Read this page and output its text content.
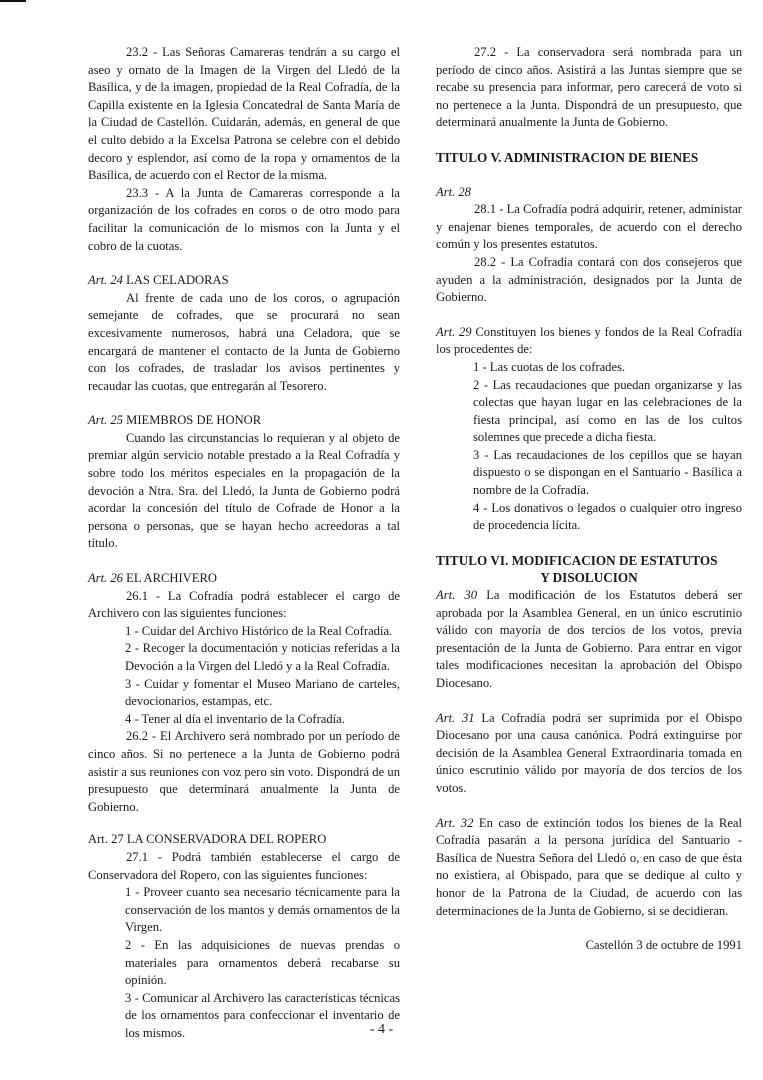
23.2 - Las Señoras Camareras tendrán a su cargo el aseo y ornato de la Imagen de la Virgen del Lledó de la Basílica, y de la imagen, propiedad de la Real Cofradía, de la Capilla existente en la Iglesia Concatedral de Santa María de la Ciudad de Castellón. Cuidarán, además, en general de que el culto debido a la Excelsa Patrona se celebre con el debido decoro y esplendor, así como de la ropa y ornamentos de la Basílica, de acuerdo con el Rector de la misma.

23.3 - A la Junta de Camareras corresponde a la organización de los cofrades en coros o de otro modo para facilitar la comunicación de lo mismos con la Junta y el cobro de la cuotas.

Art. 24 LAS CELADORAS

Al frente de cada uno de los coros, o agrupación semejante de cofrades, que se procurará no sean excesivamente numerosos, habrá una Celadora, que se encargará de mantener el contacto de la Junta de Gobierno con los cofrades, de trasladar los avisos pertinentes y recaudar las cuotas, que entregarán al Tesorero.

Art. 25 MIEMBROS DE HONOR

Cuando las circunstancias lo requieran y al objeto de premiar algún servicio notable prestado a la Real Cofradía y sobre todo los méritos especiales en la propagación de la devoción a Ntra. Sra. del Lledó, la Junta de Gobierno podrá acordar la concesión del título de Cofrade de Honor a la persona o personas, que se hayan hecho acreedoras a tal título.

Art. 26 EL ARCHIVERO

26.1 - La Cofradía podrá establecer el cargo de Archivero con las siguientes funciones:

1 - Cuidar del Archivo Histórico de la Real Cofradía.

2 - Recoger la documentación y noticias referidas a la Devoción a la Virgen del Lledó y a la Real Cofradía.

3 - Cuidar y fomentar el Museo Mariano de carteles, devocionarios, estampas, etc.

4 - Tener al día el inventario de la Cofradía.

26.2 - El Archivero será nombrado por un período de cinco años. Si no pertenece a la Junta de Gobierno podrá asistir a sus reuniones con voz pero sin voto. Dispondrá de un presupuesto que determinará anualmente la Junta de Gobierno.

Art. 27 LA CONSERVADORA DEL ROPERO

27.1 - Podrá también establecerse el cargo de Conservadora del Ropero, con las siguientes funciones:

1 - Proveer cuanto sea necesario técnicamente para la conservación de los mantos y demás ornamentos de la Virgen.

2 - En las adquisiciones de nuevas prendas o materiales para ornamentos deberá recabarse su opinión.

3 - Comunicar al Archivero las características técnicas de los ornamentos para confeccionar el inventario de los mismos.

27.2 - La conservadora será nombrada para un período de cinco años. Asistirá a las Juntas siempre que se recabe su presencia para informar, pero carecerá de voto si no pertenece a la Junta. Dispondrá de un presupuesto, que determinará anualmente la Junta de Gobierno.

TITULO V. ADMINISTRACION DE BIENES

Art. 28

28.1 - La Cofradía podrá adquirir, retener, administar y enajenar bienes temporales, de acuerdo con el derecho común y los presentes estatutos.

28.2 - La Cofradía contará con dos consejeros que ayuden a la administración, designados por la Junta de Gobierno.

Art. 29 Constituyen los bienes y fondos de la Real Cofradía los procedentes de:

1 - Las cuotas de los cofrades.

2 - Las recaudaciones que puedan organizarse y las colectas que hayan lugar en las celebraciones de la fiesta principal, así como en las de los cultos solemnes que precede a dicha fiesta.

3 - Las recaudaciones de los cepillos que se hayan dispuesto o se dispongan en el Santuario - Basílica a nombre de la Cofradía.

4 - Los donativos o legados o cualquier otro ingreso de procedencia lícita.

TITULO VI. MODIFICACION DE ESTATUTOS

Y DISOLUCION

Art. 30 La modificación de los Estatutos deberá ser aprobada por la Asamblea General, en un único escrutinio válido con mayoría de dos tercios de los votos, previa presentación de la Junta de Gobierno. Para entrar en vigor tales modificaciones necesitan la aprobación del Obispo Diocesano.

Art. 31 La Cofradía podrá ser suprimida por el Obispo Diocesano por una causa canónica. Podrá extinguirse por decisión de la Asamblea General Extraordinaria tomada en único escrutinio válido por mayoría de dos tercios de los votos.

Art. 32 En caso de extinción todos los bienes de la Real Cofradía pasarán a la persona jurídica del Santuario - Basílica de Nuestra Señora del Lledó o, en caso de que ésta no existiera, al Obispado, para que se dedique al culto y honor de la Patrona de la Ciudad, de acuerdo con las determinaciones de la Junta de Gobierno, si se decidieran.

Castellón 3 de octubre de 1991

- 4 -
